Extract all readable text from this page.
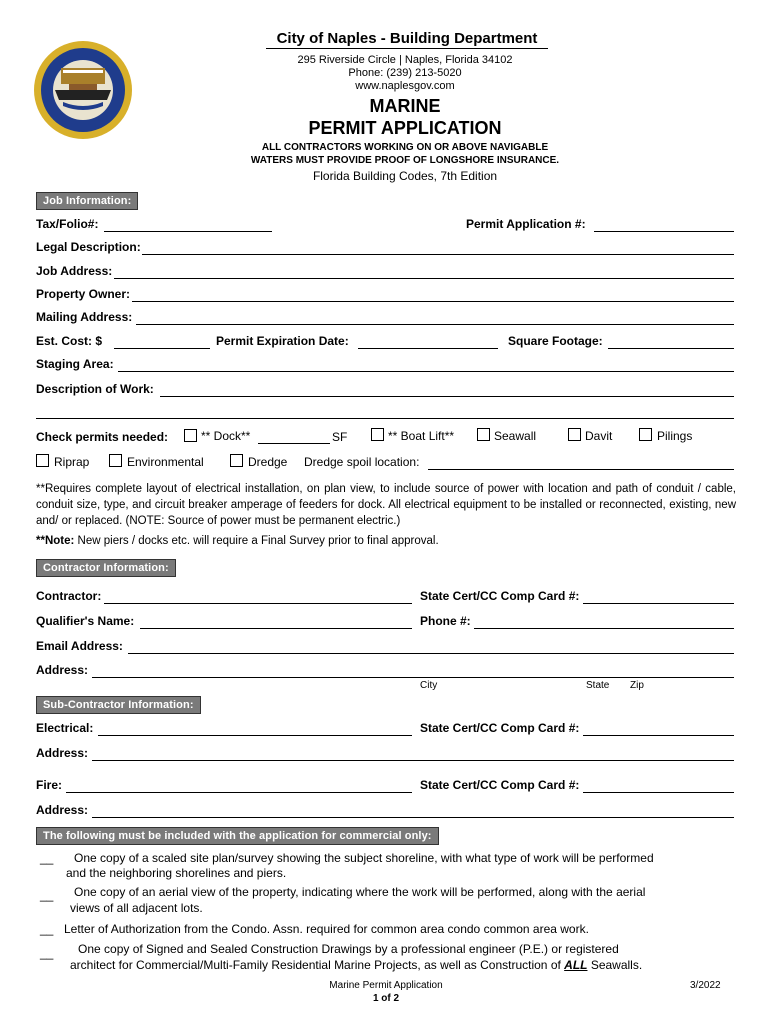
City of Naples - Building Department
295 Riverside Circle | Naples, Florida 34102
Phone: (239) 213-5020
www.naplesgov.com
MARINE
PERMIT APPLICATION
ALL CONTRACTORS WORKING ON OR ABOVE NAVIGABLE
WATERS MUST PROVIDE PROOF OF LONGSHORE INSURANCE.
Florida Building Codes, 7th Edition
Job Information:
Tax/Folio#:	Permit Application #:
Legal Description:
Job Address:
Property Owner:
Mailing Address:
Est. Cost: $	Permit Expiration Date:	Square Footage:
Staging Area:
Description of Work:
Check permits needed:	** Dock**	SF	** Boat Lift**	Seawall	Davit	Pilings
Riprap	Environmental	Dredge Dredge spoil location:
**Requires complete layout of electrical installation, on plan view, to include source of power with location and path of conduit / cable, conduit size, type, and circuit breaker amperage of feeders for dock. All electrical equipment to be installed or reconnected, existing, new and/ or replaced. (NOTE: Source of power must be permanent electric.)
**Note: New piers / docks etc. will require a Final Survey prior to final approval.
Contractor Information:
Contractor:	State Cert/CC Comp Card #:
Qualifier's Name:	Phone #:
Email Address:
Address:
City	State Zip
Sub-Contractor Information:
Electrical:	State Cert/CC Comp Card #:
Address:
Fire:	State Cert/CC Comp Card #:
Address:
The following must be included with the application for commercial only:
__ One copy of a scaled site plan/survey showing the subject shoreline, with what type of work will be performed
and the neighboring shorelines and piers.
__ One copy of an aerial view of the property, indicating where the work will be performed, along with the aerial
views of all adjacent lots.
__ Letter of Authorization from the Condo. Assn. required for common area condo common area work.
__ One copy of Signed and Sealed Construction Drawings by a professional engineer (P.E.) or registered
architect for Commercial/Multi-Family Residential Marine Projects, as well as Construction of ALL Seawalls.
Marine Permit Application
1 of 2
3/2022
